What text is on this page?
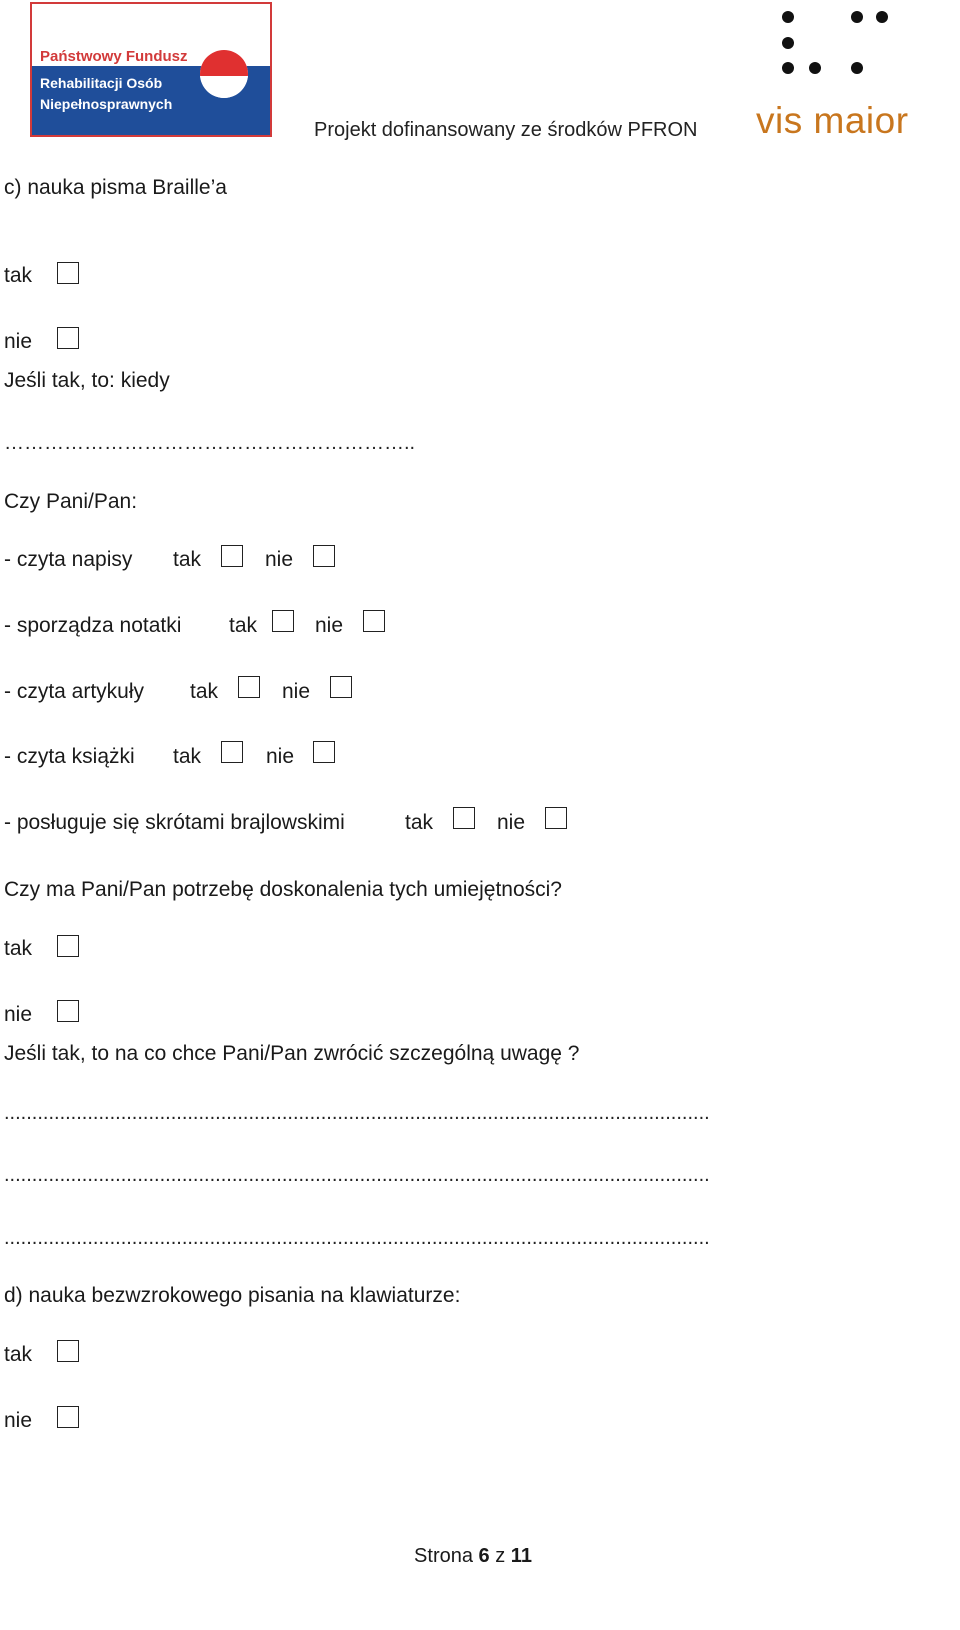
Państwowy Fundusz
Rehabilitacji Osób
Niepełnosprawnych
Projekt dofinansowany ze środków PFRON vis maior
c) nauka pisma Braille’a
tak
nie
Jeśli tak, to: kiedy
……………………………………………………..
Czy Pani/Pan:
- czyta napisy tak	nie
- sporządza notatki tak	nie
- czyta artykuły tak	nie
- czyta książki tak	nie
- posługuje się skrótami brajlowskimi	tak	nie
Czy ma Pani/Pan potrzebę doskonalenia tych umiejętności?
tak
nie
Jeśli tak, to na co chce Pani/Pan zwrócić szczególną uwagę ?
...............................................................................................................................
...............................................................................................................................
...............................................................................................................................
d) nauka bezwzrokowego pisania na klawiaturze:
tak
nie
Strona 6 z 11
